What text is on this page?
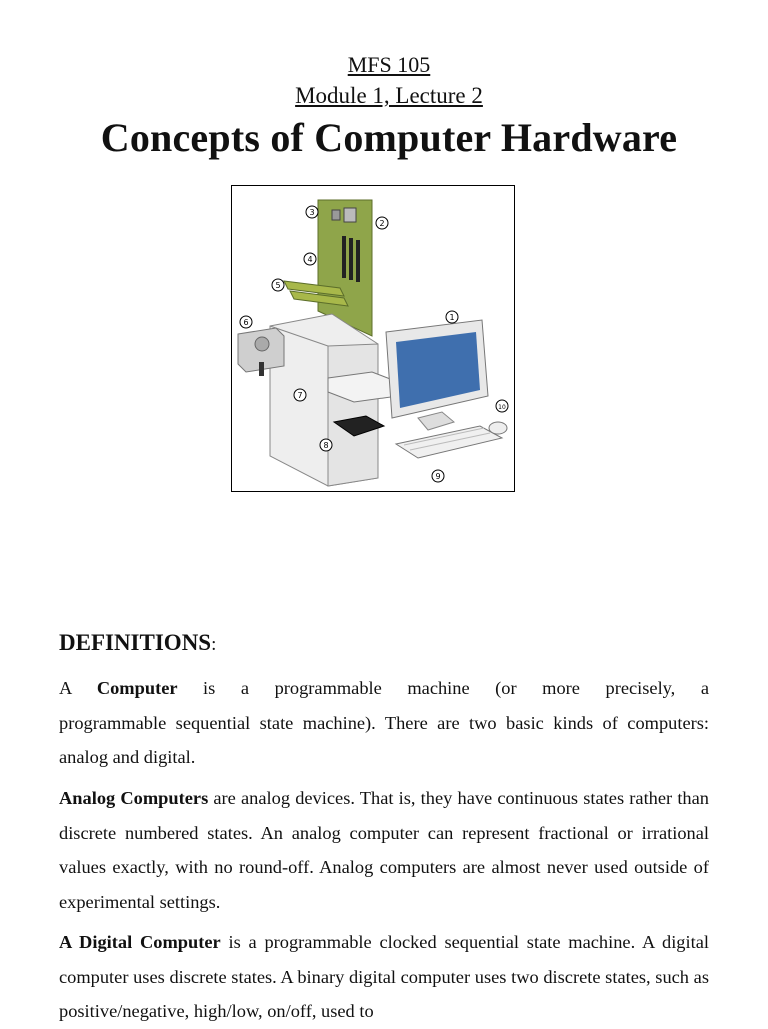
MFS 105
Module 1, Lecture 2
Concepts of Computer Hardware
3
2
4
5
6
1
7
10
8
9
DEFINITIONS:
A Computer is a programmable machine (or more precisely, a
programmable sequential state machine). There are two basic kinds of computers: analog and digital.
Analog Computers are analog devices. That is, they have continuous states rather than discrete numbered states. An analog computer can represent fractional or irrational values exactly, with no round-off. Analog computers are almost never used outside of experimental settings.
A Digital Computer is a programmable clocked sequential state machine. A digital computer uses discrete states. A binary digital computer uses two discrete states, such as positive/negative, high/low, on/off, used to
